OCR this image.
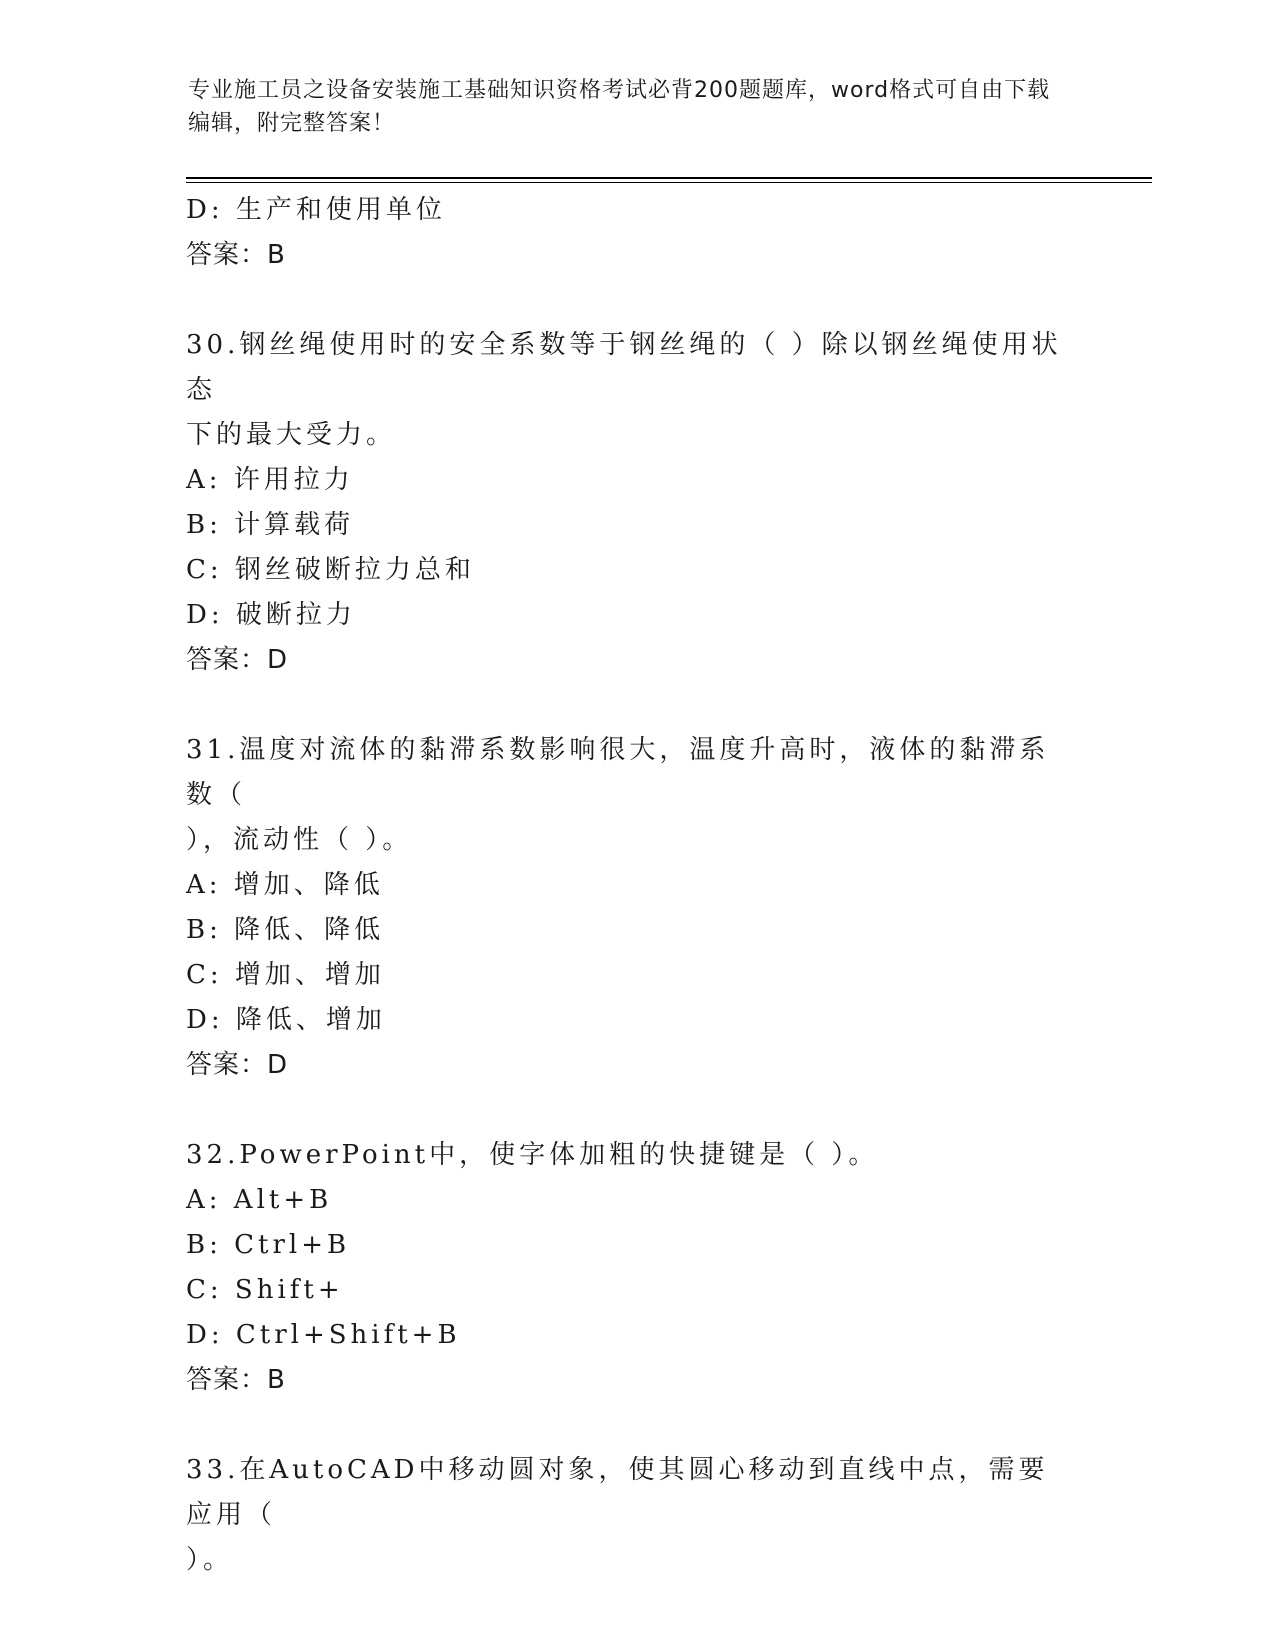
专业施工员之设备安装施工基础知识资格考试必背200题题库，word格式可自由下载编辑，附完整答案！
D: 生产和使用单位
答案：B
30.钢丝绳使用时的安全系数等于钢丝绳的（ ）除以钢丝绳使用状态
下的最大受力。
A: 许用拉力
B: 计算载荷
C: 钢丝破断拉力总和
D: 破断拉力
答案：D
31.温度对流体的黏滞系数影响很大，温度升高时，液体的黏滞系数（
），流动性（ ）。
A: 增加、降低
B: 降低、降低
C: 增加、增加
D: 降低、增加
答案：D
32.PowerPoint中，使字体加粗的快捷键是（ ）。
A: Alt+B
B: Ctrl+B
C: Shift+
D: Ctrl+Shift+B
答案：B
33.在AutoCAD中移动圆对象，使其圆心移动到直线中点，需要应用（
）。
